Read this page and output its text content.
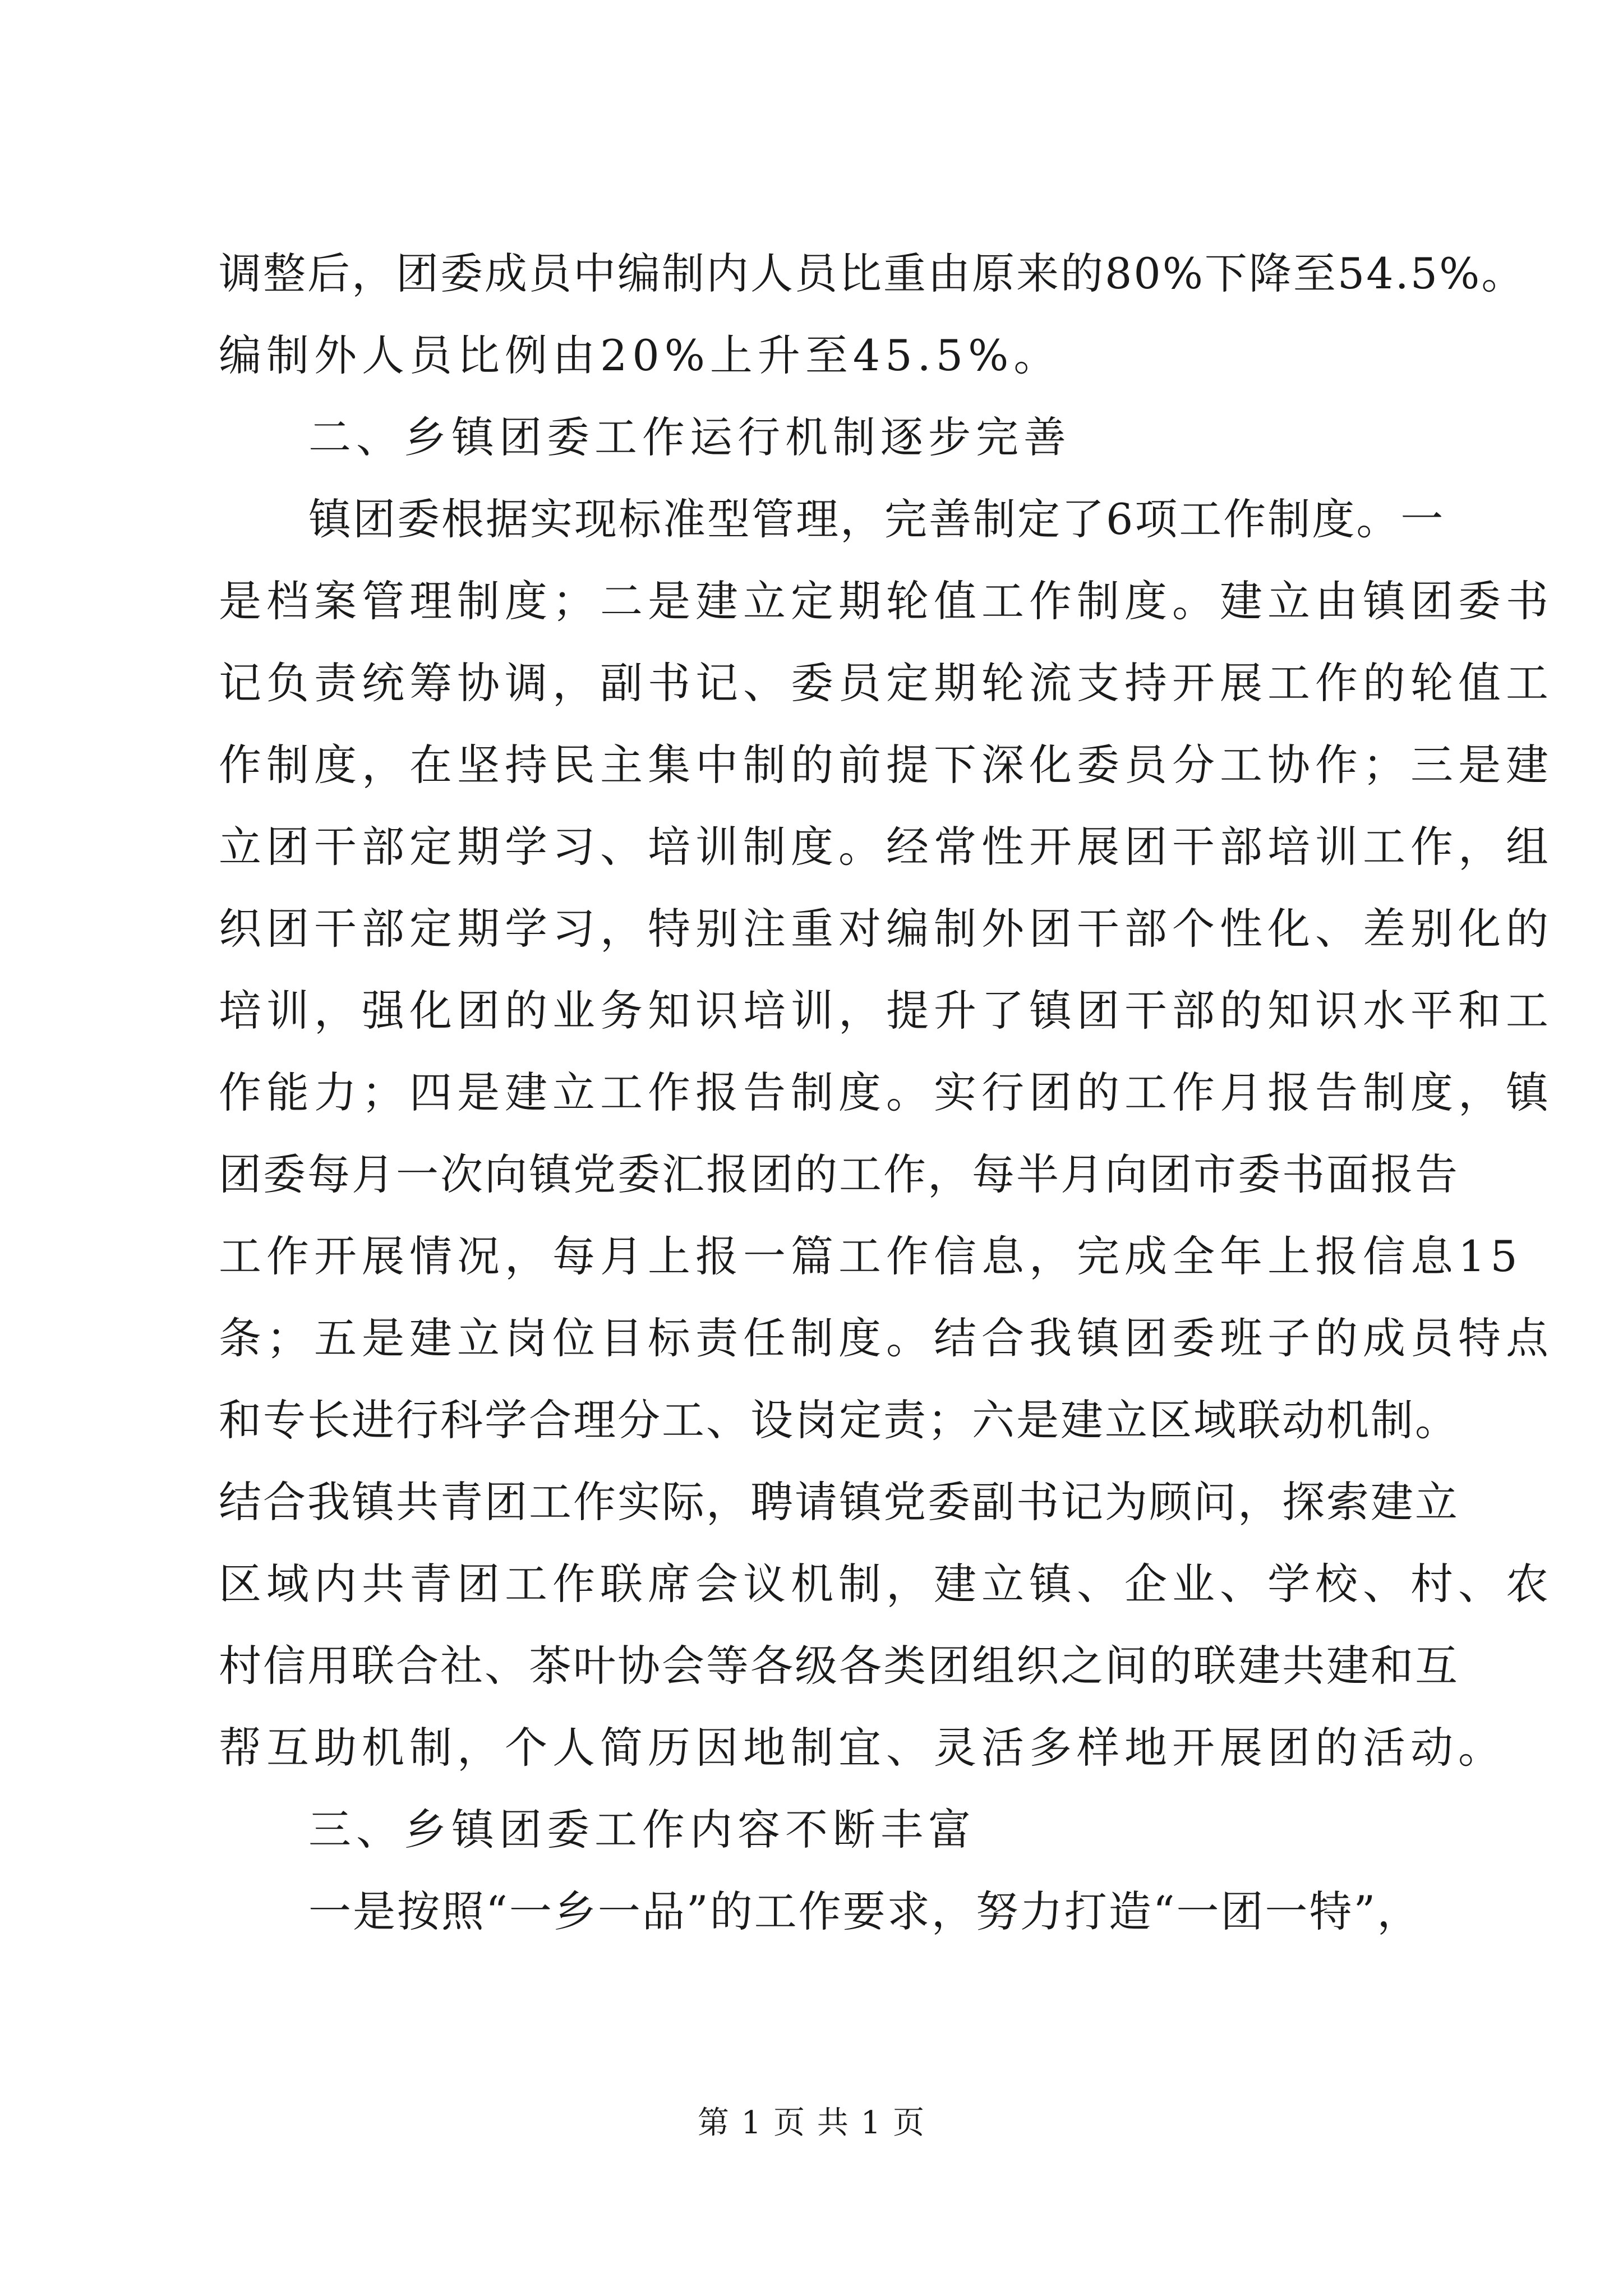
调整后，团委成员中编制内人员比重由原来的80%下降至54.5%。
编制外人员比例由20%上升至45.5%。
二、乡镇团委工作运行机制逐步完善
镇团委根据实现标准型管理，完善制定了6项工作制度。一
是档案管理制度；二是建立定期轮值工作制度。建立由镇团委书
记负责统筹协调，副书记、委员定期轮流支持开展工作的轮值工
作制度，在坚持民主集中制的前提下深化委员分工协作；三是建
立团干部定期学习、培训制度。经常性开展团干部培训工作，组
织团干部定期学习，特别注重对编制外团干部个性化、差别化的
培训，强化团的业务知识培训，提升了镇团干部的知识水平和工
作能力；四是建立工作报告制度。实行团的工作月报告制度，镇
团委每月一次向镇党委汇报团的工作，每半月向团市委书面报告
工作开展情况，每月上报一篇工作信息，完成全年上报信息15
条；五是建立岗位目标责任制度。结合我镇团委班子的成员特点
和专长进行科学合理分工、设岗定责；六是建立区域联动机制。
结合我镇共青团工作实际，聘请镇党委副书记为顾问，探索建立
区域内共青团工作联席会议机制，建立镇、企业、学校、村、农
村信用联合社、茶叶协会等各级各类团组织之间的联建共建和互
帮互助机制，个人简历因地制宜、灵活多样地开展团的活动。
三、乡镇团委工作内容不断丰富
一是按照“一乡一品”的工作要求，努力打造“一团一特”，
第 1 页 共 1 页
